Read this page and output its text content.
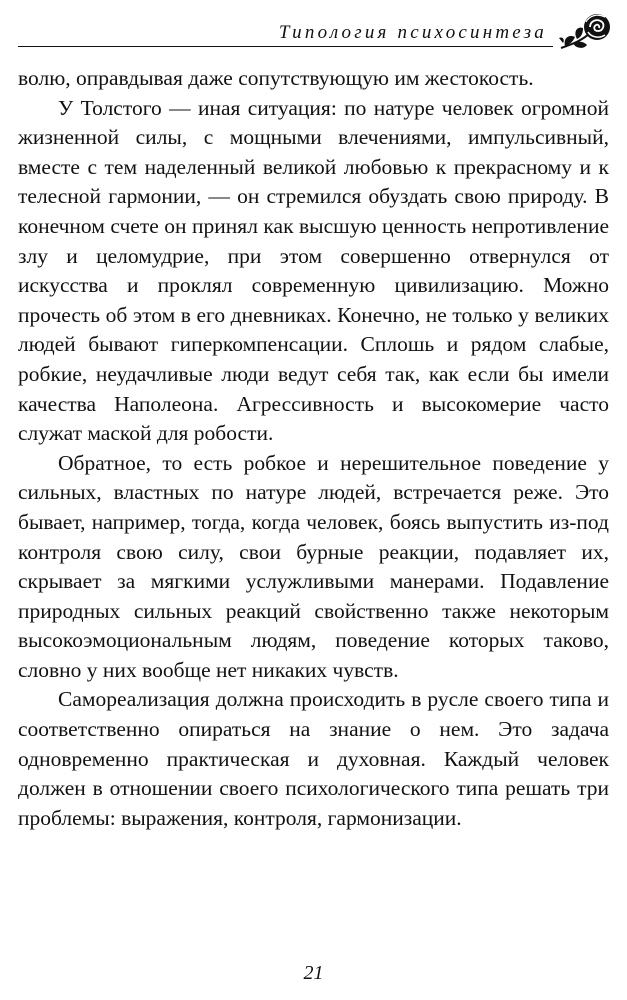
Типология психосинтеза

волю, оправдывая даже сопутствующую им жестокость.

У Толстого — иная ситуация: по натуре человек огромной жизненной силы, с мощными влечениями, импульсивный, вместе с тем наделенный великой любовью к прекрасному и к телесной гармонии, — он стремился обуздать свою природу. В конечном счете он принял как высшую ценность непротивление злу и целомудрие, при этом совершенно отвернулся от искусства и проклял современную цивилизацию. Можно прочесть об этом в его дневниках. Конечно, не только у великих людей бывают гиперкомпенсации. Сплошь и рядом слабые, робкие, неудачливые люди ведут себя так, как если бы имели качества Наполеона. Агрессивность и высокомерие часто служат маской для робости.

Обратное, то есть робкое и нерешительное поведение у сильных, властных по натуре людей, встречается реже. Это бывает, например, тогда, когда человек, боясь выпустить из-под контроля свою силу, свои бурные реакции, подавляет их, скрывает за мягкими услужливыми манерами. Подавление природных сильных реакций свойственно также некоторым высокоэмоциональным людям, поведение которых таково, словно у них вообще нет никаких чувств.

Самореализация должна происходить в русле своего типа и соответственно опираться на знание о нем. Это задача одновременно практическая и духовная. Каждый человек должен в отношении своего психологического типа решать три проблемы: выражения, контроля, гармонизации.

21
